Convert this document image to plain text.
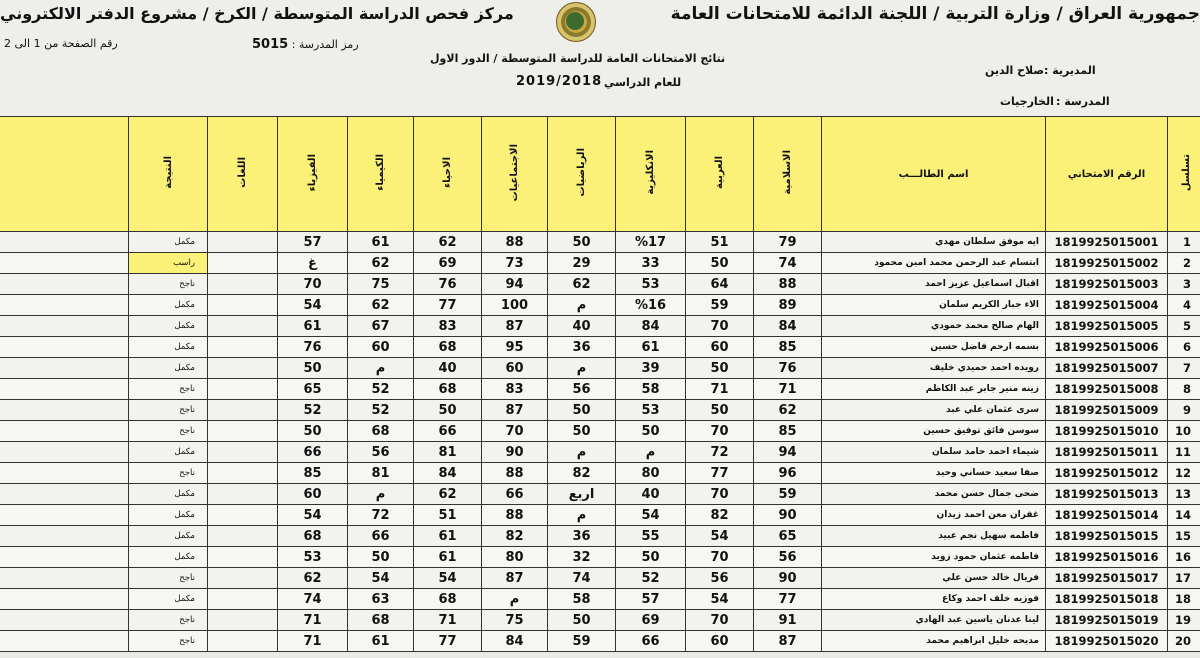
جمهورية العراق / وزارة التربية / اللجنة الدائمة للامتحانات العامة
مركز فحص الدراسة المتوسطة / الكرخ / مشروع الدفتر الالكتروني
رمز المدرسة : 5015
رقم الصفحة من 1 الى 2
نتائج الامتحانات العامة للدراسة المتوسطة / الدور الاول
للعام الدراسي
2019/2018
المديرية :
صلاح الدين
المدرسة :
الخارجيات
تسلسل	الرقم الامتحاني	اسم الطالـــب	الاسلامية	العربية	الانكليزية	الرياضيات	الاجتماعيات	الاحياء	الكيمياء	الفيزياء	اللغات	النتيجة	
1	1819925015001	ايه موفق سلطان مهدي	79	51	%17	50	88	62	61	57		مكمل	
2	1819925015002	ابتسام عبد الرحمن محمد امين محمود	74	50	33	29	73	69	62	غ		راسب	
3	1819925015003	اقبال اسماعيل عزيز احمد	88	64	53	62	94	76	75	70		ناجح	
4	1819925015004	الاء جبار الكريم سلمان	89	59	%16	م	100	77	62	54		مكمل	
5	1819925015005	الهام صالح محمد حمودي	84	70	84	40	87	83	67	61		مكمل	
6	1819925015006	بسمه ارحم فاضل حسين	85	60	61	36	95	68	60	76		مكمل	
7	1819925015007	رويده احمد حميدي خليف	76	50	39	م	60	40	م	50		مكمل	
8	1819925015008	زينه منير جابر عبد الكاظم	71	71	58	56	83	68	52	65		ناجح	
9	1819925015009	سرى عثمان علي عبد	62	50	53	50	87	50	52	52		ناجح	
10	1819925015010	سوسن فائق توفيق حسين	85	70	50	50	70	66	68	50		ناجح	
11	1819925015011	شيماء احمد حامد سلمان	94	72	م	م	90	81	56	66		مكمل	
12	1819925015012	صفا سعيد حساني وحيد	96	77	80	82	88	84	81	85		ناجح	
13	1819925015013	ضحى جمال حسن محمد	59	70	40	اربع	66	62	م	60		مكمل	
14	1819925015014	غفران معن احمد زيدان	90	82	54	م	88	51	72	54		مكمل	
15	1819925015015	فاطمه سهيل نجم عبيد	65	54	55	36	82	61	66	68		مكمل	
16	1819925015016	فاطمه عثمان حمود زويد	56	70	50	32	80	61	50	53		مكمل	
17	1819925015017	فريال خالد حسن علي	90	56	52	74	87	54	54	62		ناجح	
18	1819925015018	فوزيه خلف احمد وكاع	77	54	57	58	م	68	63	74		مكمل	
19	1819925015019	لينا عدنان ياسين عبد الهادي	91	70	69	50	75	71	68	71		ناجح	
20	1819925015020	مديحه خليل ابراهيم محمد	87	60	66	59	84	77	61	71		ناجح	
